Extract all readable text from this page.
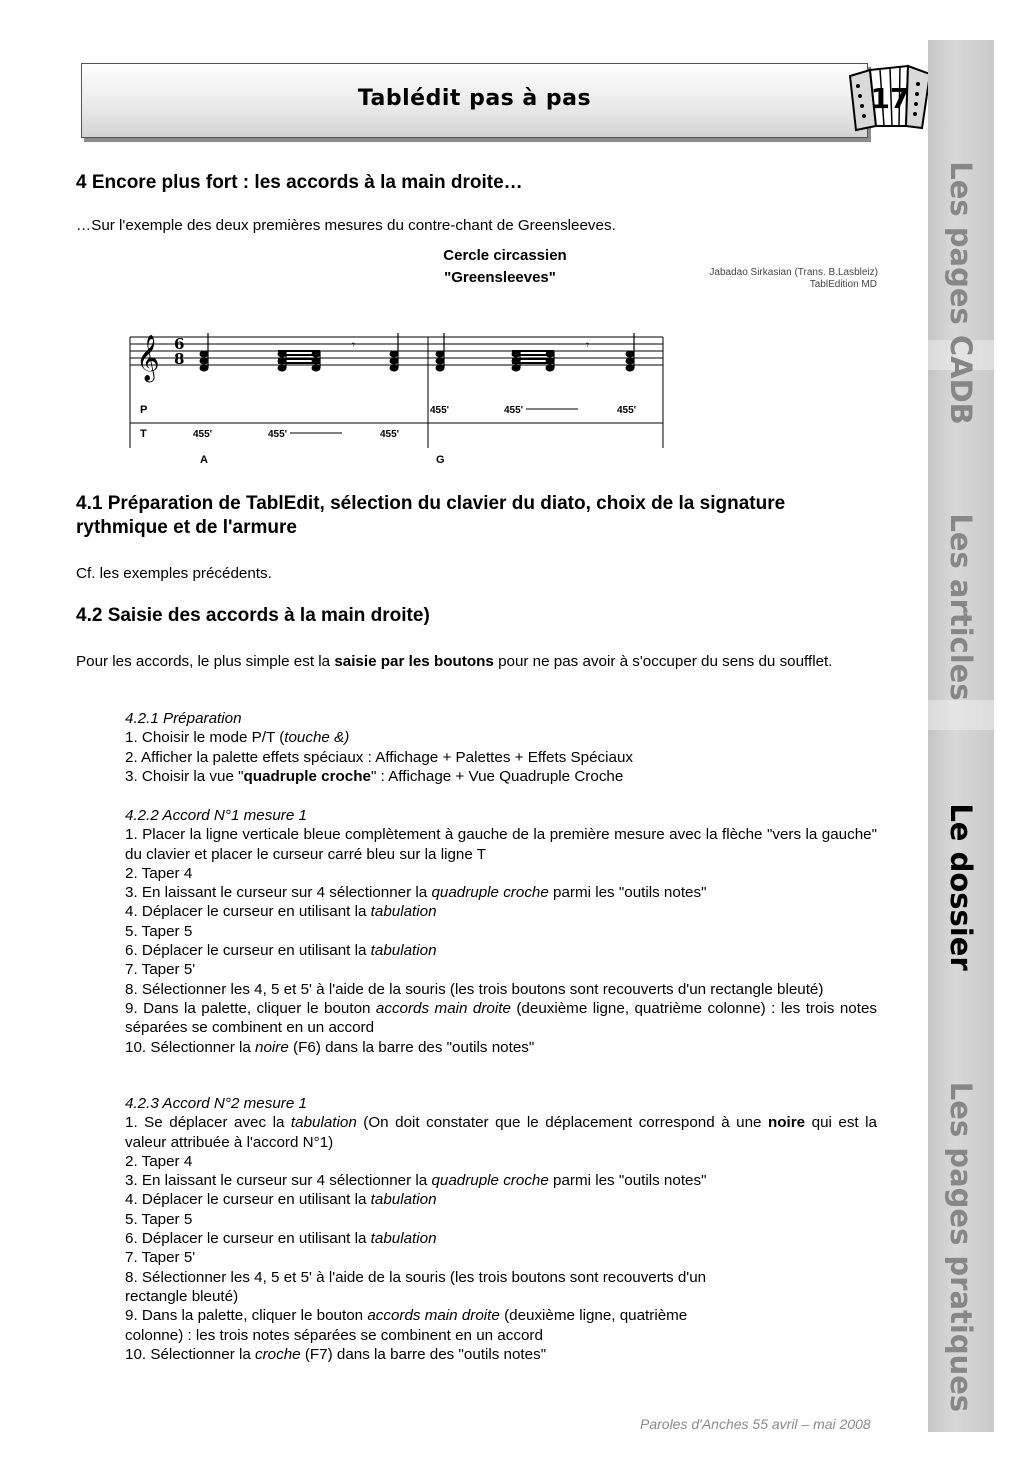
Tablédit pas à pas	17
Les pages CADB
Les articles
Le dossier
Les pages pratiques
4 Encore plus fort : les accords à la main droite…

…Sur l'exemple des deux premières mesures du contre-chant de Greensleeves.

Cercle circassien
"Greensleeves"	Jabadao Sirkasian (Trans. B.Lasbleiz)
TablEdition MD
𝄞 6
8
𝄾	𝄾
P
T	455'	455'	455'
455'	455'	455'
A	G
4.1 Préparation de TablEdit, sélection du clavier du diato, choix de la signature rythmique et de l'armure

Cf. les exemples précédents.

4.2 Saisie des accords à la main droite)

Pour les accords, le plus simple est la saisie par les boutons pour ne pas avoir à s'occuper du sens du soufflet.

4.2.1 Préparation
1. Choisir le mode P/T (touche &)
2. Afficher la palette effets spéciaux : Affichage + Palettes + Effets Spéciaux
3. Choisir la vue "quadruple croche" : Affichage + Vue Quadruple Croche
4.2.2 Accord N°1 mesure 1
1. Placer la ligne verticale bleue complètement à gauche de la première mesure avec la flèche "vers la gauche" du clavier et placer le curseur carré bleu sur la ligne T
2. Taper 4
3. En laissant le curseur sur 4 sélectionner la quadruple croche parmi les "outils notes"
4. Déplacer le curseur en utilisant la tabulation
5. Taper 5
6. Déplacer le curseur en utilisant la tabulation
7. Taper 5'
8. Sélectionner les 4, 5 et 5' à l'aide de la souris (les trois boutons sont recouverts d'un rectangle bleuté)
9. Dans la palette, cliquer le bouton accords main droite (deuxième ligne, quatrième colonne) : les trois notes séparées se combinent en un accord
10. Sélectionner la noire (F6) dans la barre des "outils notes"
4.2.3 Accord N°2 mesure 1
1. Se déplacer avec la tabulation (On doit constater que le déplacement correspond à une noire qui est la valeur attribuée à l'accord N°1)
2. Taper 4
3. En laissant le curseur sur 4 sélectionner la quadruple croche parmi les "outils notes"
4. Déplacer le curseur en utilisant la tabulation
5. Taper 5
6. Déplacer le curseur en utilisant la tabulation
7. Taper 5'
8. Sélectionner les 4, 5 et 5' à l'aide de la souris (les trois boutons sont recouverts d'un
rectangle bleuté)
9. Dans la palette, cliquer le bouton accords main droite (deuxième ligne, quatrième
colonne) : les trois notes séparées se combinent en un accord
10. Sélectionner la croche (F7) dans la barre des "outils notes"
Paroles d'Anches 55 avril – mai 2008
